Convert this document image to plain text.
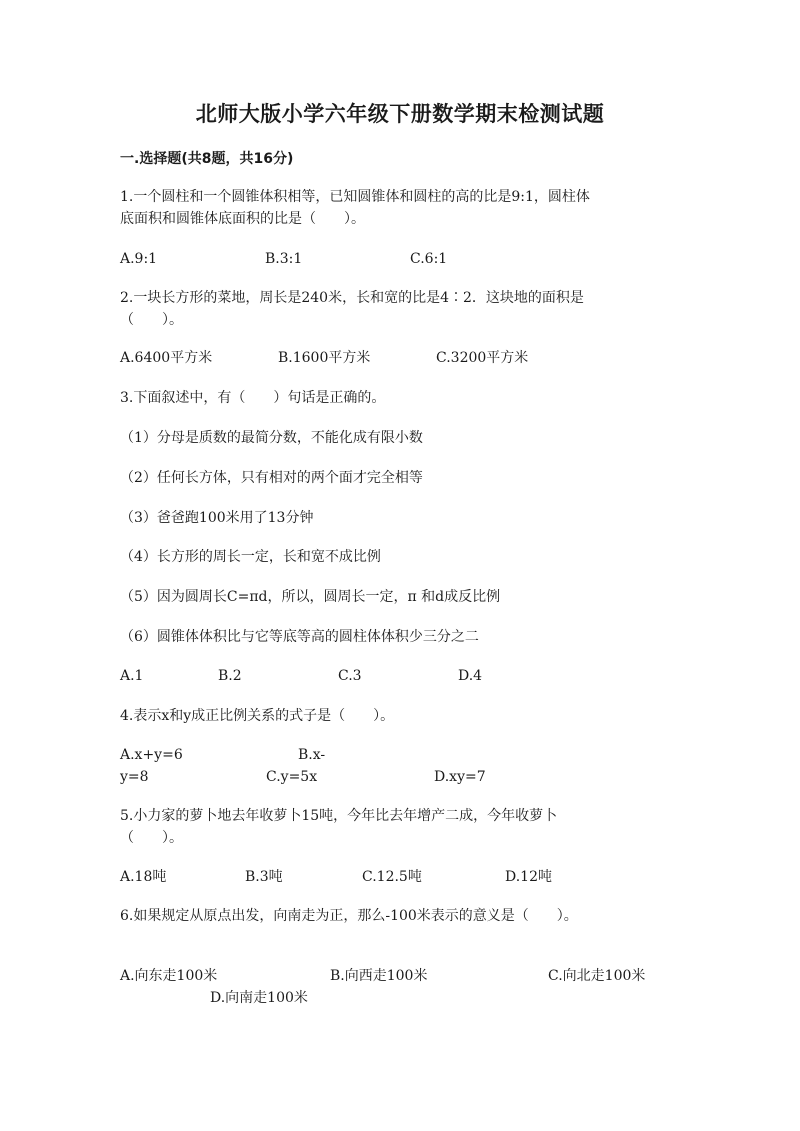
北师大版小学六年级下册数学期末检测试题
一.选择题(共8题，共16分)
1.一个圆柱和一个圆锥体积相等，已知圆锥体和圆柱的高的比是9:1，圆柱体
底面积和圆锥体底面积的比是（　　）。
A.9:1	B.3:1	C.6:1
2.一块长方形的菜地，周长是240米，长和宽的比是4∶2．这块地的面积是
（　　）。
A.6400平方米	B.1600平方米	C.3200平方米
3.下面叙述中，有（　　）句话是正确的。
（1）分母是质数的最简分数，不能化成有限小数
（2）任何长方体，只有相对的两个面才完全相等
（3）爸爸跑100米用了13分钟
（4）长方形的周长一定，长和宽不成比例
（5）因为圆周长C=πd，所以，圆周长一定，π 和d成反比例
（6）圆锥体体积比与它等底等高的圆柱体体积少三分之二
A.1	B.2	C.3	D.4
4.表示x和y成正比例关系的式子是（　　）。
A.x+y=6	B.x-
y=8	C.y=5x	D.xy=7
5.小力家的萝卜地去年收萝卜15吨，今年比去年增产二成，今年收萝卜
（　　）。
A.18吨	B.3吨	C.12.5吨	D.12吨
6.如果规定从原点出发，向南走为正，那么-100米表示的意义是（　　）。
A.向东走100米	B.向西走100米	C.向北走100米
D.向南走100米
